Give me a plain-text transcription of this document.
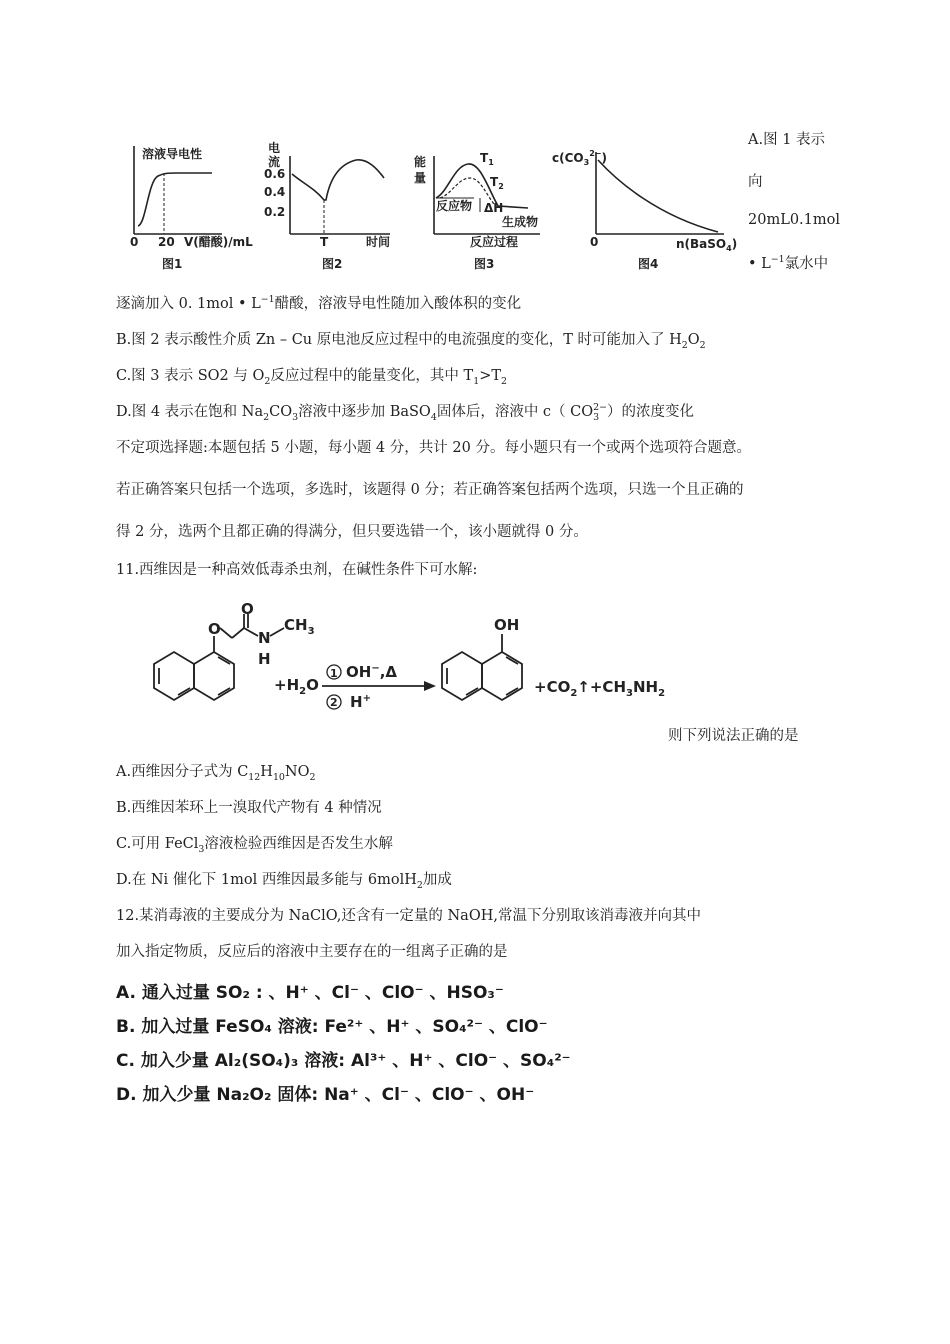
溶液导电性
0 20 V(醋酸)/mL
图1
电
流
0.6
0.4
0.2
T	时间
图2
能
量
$T_1$
$T_2$
反应物 ΔH
生成物
反应过程
图3
$c(CO_3^{2-})$
0	n(BaSO$_4$)
图4
A.图 1 表示
向
20mL0.1mol
• $L^{-1}$氯水中
逐滴加入 0. 1mol • $L^{-1}$醋酸，溶液导电性随加入酸体积的变化
B.图 2 表示酸性介质 Zn – Cu 原电池反应过程中的电流强度的变化，T 时可能加入了 $H_2O_2$
C.图 3 表示 SO2 与 $O_2$反应过程中的能量变化，其中 $T_1>T_2$
D.图 4 表示在饱和 $Na_2CO_3$溶液中逐步加 BaSO$_4$固体后，溶液中 c（ $CO_3^{2-}$）的浓度变化
不定项选择题:本题包括 5 小题，每小题 4 分，共计 20 分。每小题只有一个或两个选项符合题意。
若正确答案只包括一个选项，多选时，该题得 0 分；若正确答案包括两个选项，只选一个且正确的
得 2 分，选两个且都正确的得满分，但只要选错一个，该小题就得 0 分。
11.西维因是一种高效低毒杀虫剂，在碱性条件下可水解:
O
O
N
H
$CH_3$
$+H_2O$
1 OH−,Δ
2 H+
OH
$+CO_2↑+CH_3NH_2$
则下列说法正确的是
A.西维因分子式为 $C_{12}H_{10}NO_2$
B.西维因苯环上一溴取代产物有 4 种情况
C.可用 FeCl$_3$溶液检验西维因是否发生水解
D.在 Ni 催化下 1mol 西维因最多能与 6molH$_2$加成
12.某消毒液的主要成分为 NaClO,还含有一定量的 NaOH,常温下分别取该消毒液并向其中
加入指定物质，反应后的溶液中主要存在的一组离子正确的是
A. 通入过量 SO₂ : 、H⁺ 、Cl⁻ 、ClO⁻ 、HSO₃⁻
B. 加入过量 FeSO₄ 溶液: Fe²⁺ 、H⁺ 、SO₄²⁻ 、ClO⁻
C. 加入少量 Al₂(SO₄)₃ 溶液: Al³⁺ 、H⁺ 、ClO⁻ 、SO₄²⁻
D. 加入少量 Na₂O₂ 固体: Na⁺ 、Cl⁻ 、ClO⁻ 、OH⁻
